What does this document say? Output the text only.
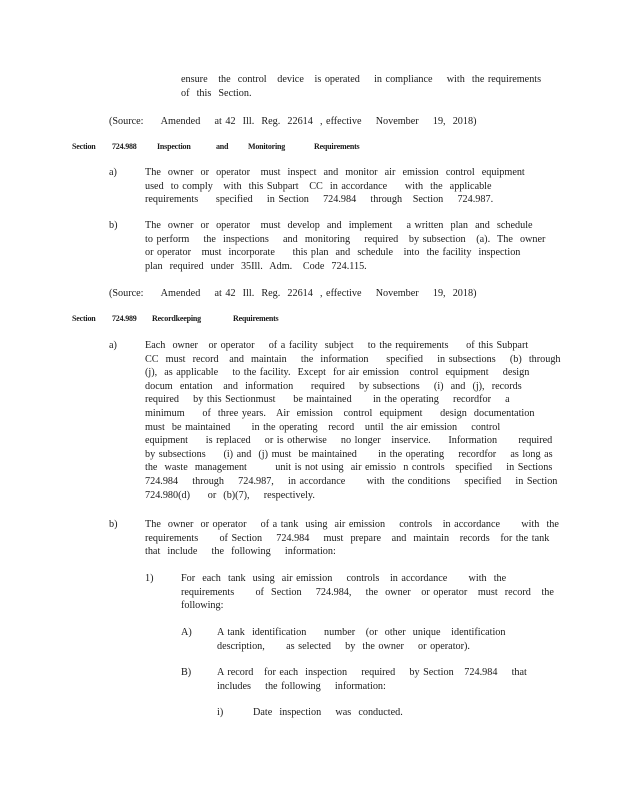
ensure   the  control   device   is operated    in compliance    with  the requirements
of  this  Section.
(Source:     Amended    at 42  Ill.  Reg.  22614  , effective    November    19,  2018)
Section 724.988	Inspection	and Monitoring	Requirements
a)	The  owner  or  operator   must  inspect  and  monitor  air  emission  control  equipment
used  to comply   with  this Subpart   CC  in accordance     with  the  applicable
requirements     specified    in Section    724.984    through   Section    724.987.
b)	The  owner  or  operator   must  develop  and  implement    a written  plan  and  schedule
to perform    the  inspections    and  monitoring    required   by subsection   (a).  The  owner
or operator   must  incorporate     this plan  and  schedule   into  the facility  inspection
plan  required  under  35Ill.  Adm.   Code  724.115.
(Source:     Amended    at 42  Ill.  Reg.  22614  , effective    November    19,  2018)
Section 724.989 Recordkeeping	Requirements
a)	Each  owner   or operator    of a facility  subject    to the requirements     of this Subpart
CC  must  record   and  maintain    the  information     specified    in subsections    (b)  through
(j),  as applicable    to the facility.  Except  for air emission   control  equipment    design
docum  entation   and  information     required    by subsections    (i)  and  (j),  records
required    by this Sectionmust     be maintained      in the operating    recordfor    a
minimum     of  three years.   Air  emission   control  equipment     design  documentation
must  be maintained      in the operating   record   until  the air emission    control
equipment     is replaced    or is otherwise    no longer   inservice.     Information      required
by subsections     (i) and  (j) must  be maintained      in the operating    recordfor    as long as
the  waste  management        unit is not using  air emissio  n controls   specified    in Sections
724.984    through    724.987,    in accordance      with  the conditions    specified    in Section
724.980(d)     or  (b)(7),    respectively.
b)	The  owner  or operator    of a tank  using  air emission    controls   in accordance      with  the
requirements      of Section    724.984    must  prepare   and  maintain   records   for the tank
that  include    the  following    information:
1)	For  each  tank  using  air emission    controls   in accordance      with  the
requirements      of  Section    724.984,    the  owner   or operator   must  record   the
following:
A) A tank  identification     number   (or  other  unique   identification
description,      as selected    by  the owner    or operator).
B)	A record   for each  inspection    required    by Section   724.984    that
includes    the following    information:
i)	Date  inspection    was  conducted.
